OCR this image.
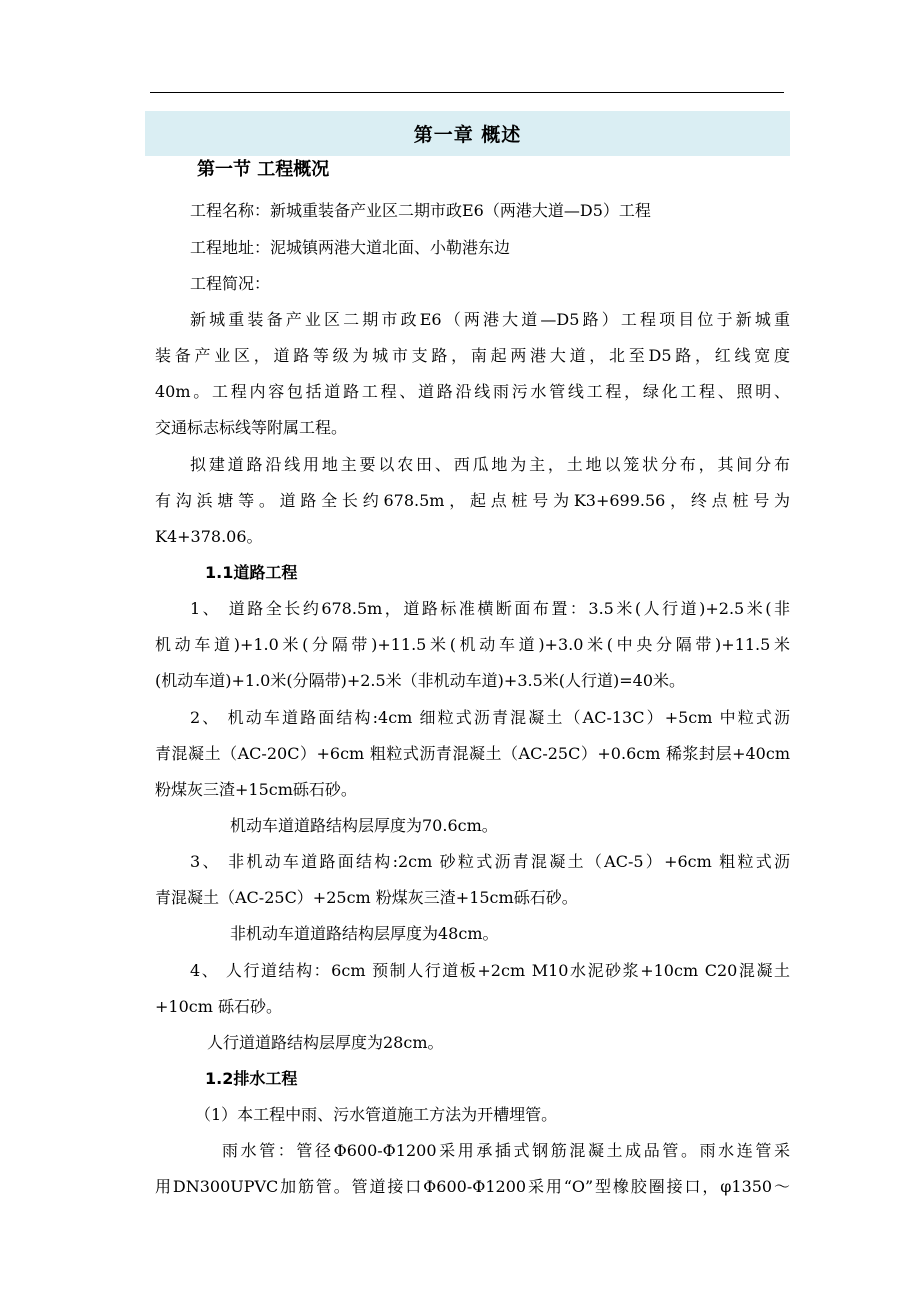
第一章 概述
第一节 工程概况
工程名称：新城重装备产业区二期市政E6（两港大道—D5）工程
工程地址：泥城镇两港大道北面、小勒港东边
工程简况：
新城重装备产业区二期市政E6（两港大道—D5路）工程项目位于新城重
装备产业区，道路等级为城市支路，南起两港大道，北至D5路，红线宽度
40m。工程内容包括道路工程、道路沿线雨污水管线工程，绿化工程、照明、
交通标志标线等附属工程。
拟建道路沿线用地主要以农田、西瓜地为主，土地以笼状分布，其间分布
有沟浜塘等。道路全长约678.5m，起点桩号为K3+699.56，终点桩号为
K4+378.06。
1.1道路工程
1、 道路全长约678.5m，道路标准横断面布置：3.5米(人行道)+2.5米(非
机动车道)+1.0米(分隔带)+11.5米(机动车道)+3.0米(中央分隔带)+11.5米
(机动车道)+1.0米(分隔带)+2.5米（非机动车道)+3.5米(人行道)=40米。
2、 机动车道路面结构:4cm 细粒式沥青混凝土（AC-13C）+5cm 中粒式沥
青混凝土（AC-20C）+6cm 粗粒式沥青混凝土（AC-25C）+0.6cm 稀浆封层+40cm
粉煤灰三渣+15cm砾石砂。
机动车道道路结构层厚度为70.6cm。
3、 非机动车道路面结构:2cm 砂粒式沥青混凝土（AC-5）+6cm 粗粒式沥
青混凝土（AC-25C）+25cm 粉煤灰三渣+15cm砾石砂。
非机动车道道路结构层厚度为48cm。
4、 人行道结构：6cm 预制人行道板+2cm M10水泥砂浆+10cm C20混凝土
+10cm 砾石砂。
人行道道路结构层厚度为28cm。
1.2排水工程
（1）本工程中雨、污水管道施工方法为开槽埋管。
雨水管：管径Φ600-Φ1200采用承插式钢筋混凝土成品管。雨水连管采
用DN300UPVC加筋管。管道接口Φ600-Φ1200采用“O”型橡胶圈接口，φ1350～
